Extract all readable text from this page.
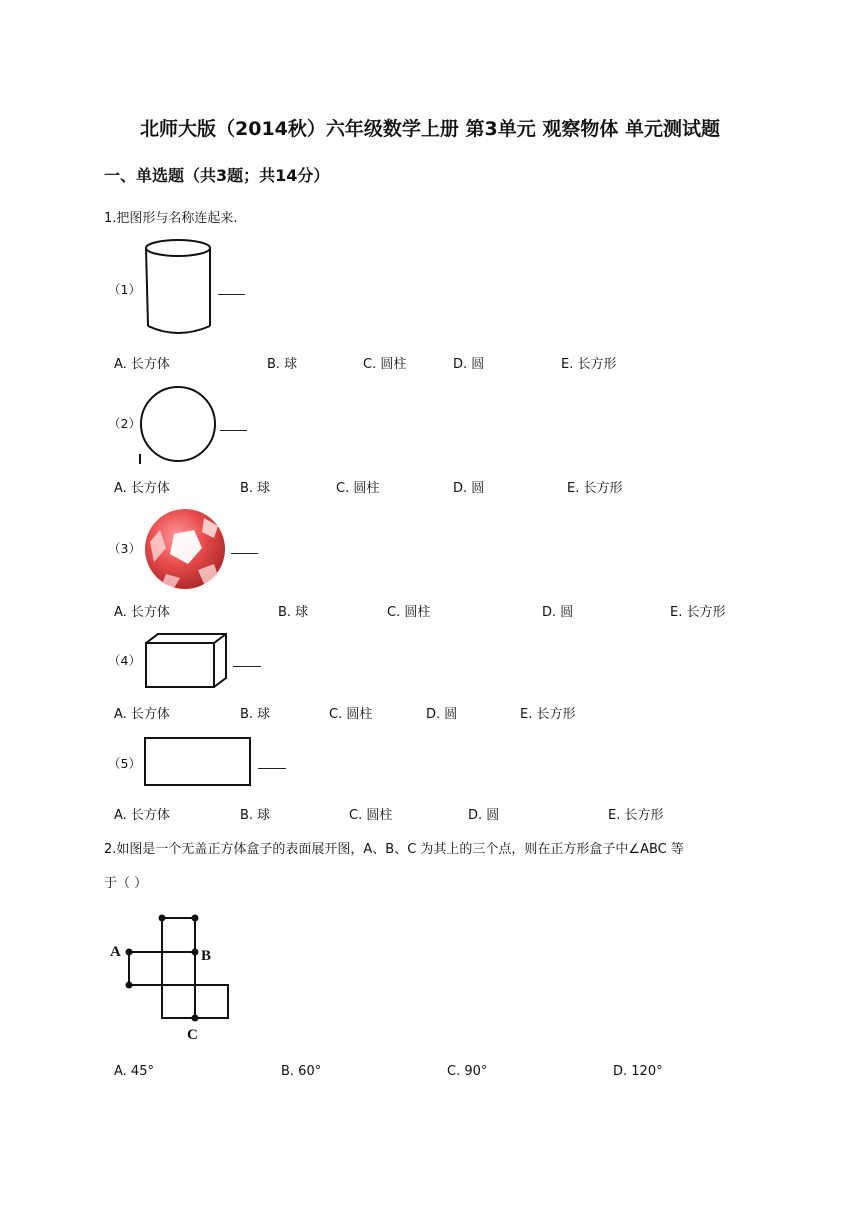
北师大版（2014秋）六年级数学上册 第3单元 观察物体 单元测试题
一、单选题（共3题；共14分）
1.把图形与名称连起来.
（1）
A. 长方体	B. 球	C. 圆柱	D. 圆	E. 长方形
（2）
A. 长方体	B. 球	C. 圆柱	D. 圆	E. 长方形
（3）
A. 长方体	B. 球	C. 圆柱	D. 圆	E. 长方形
（4）
A. 长方体	B. 球	C. 圆柱	D. 圆	E. 长方形
（5）
A. 长方体	B. 球	C. 圆柱	D. 圆	E. 长方形
2.如图是一个无盖正方体盒子的表面展开图，A、B、C 为其上的三个点，则在正方形盒子中∠ABC 等
于（ ）
A	B
C
A. 45°	B. 60°	C. 90°	D. 120°
